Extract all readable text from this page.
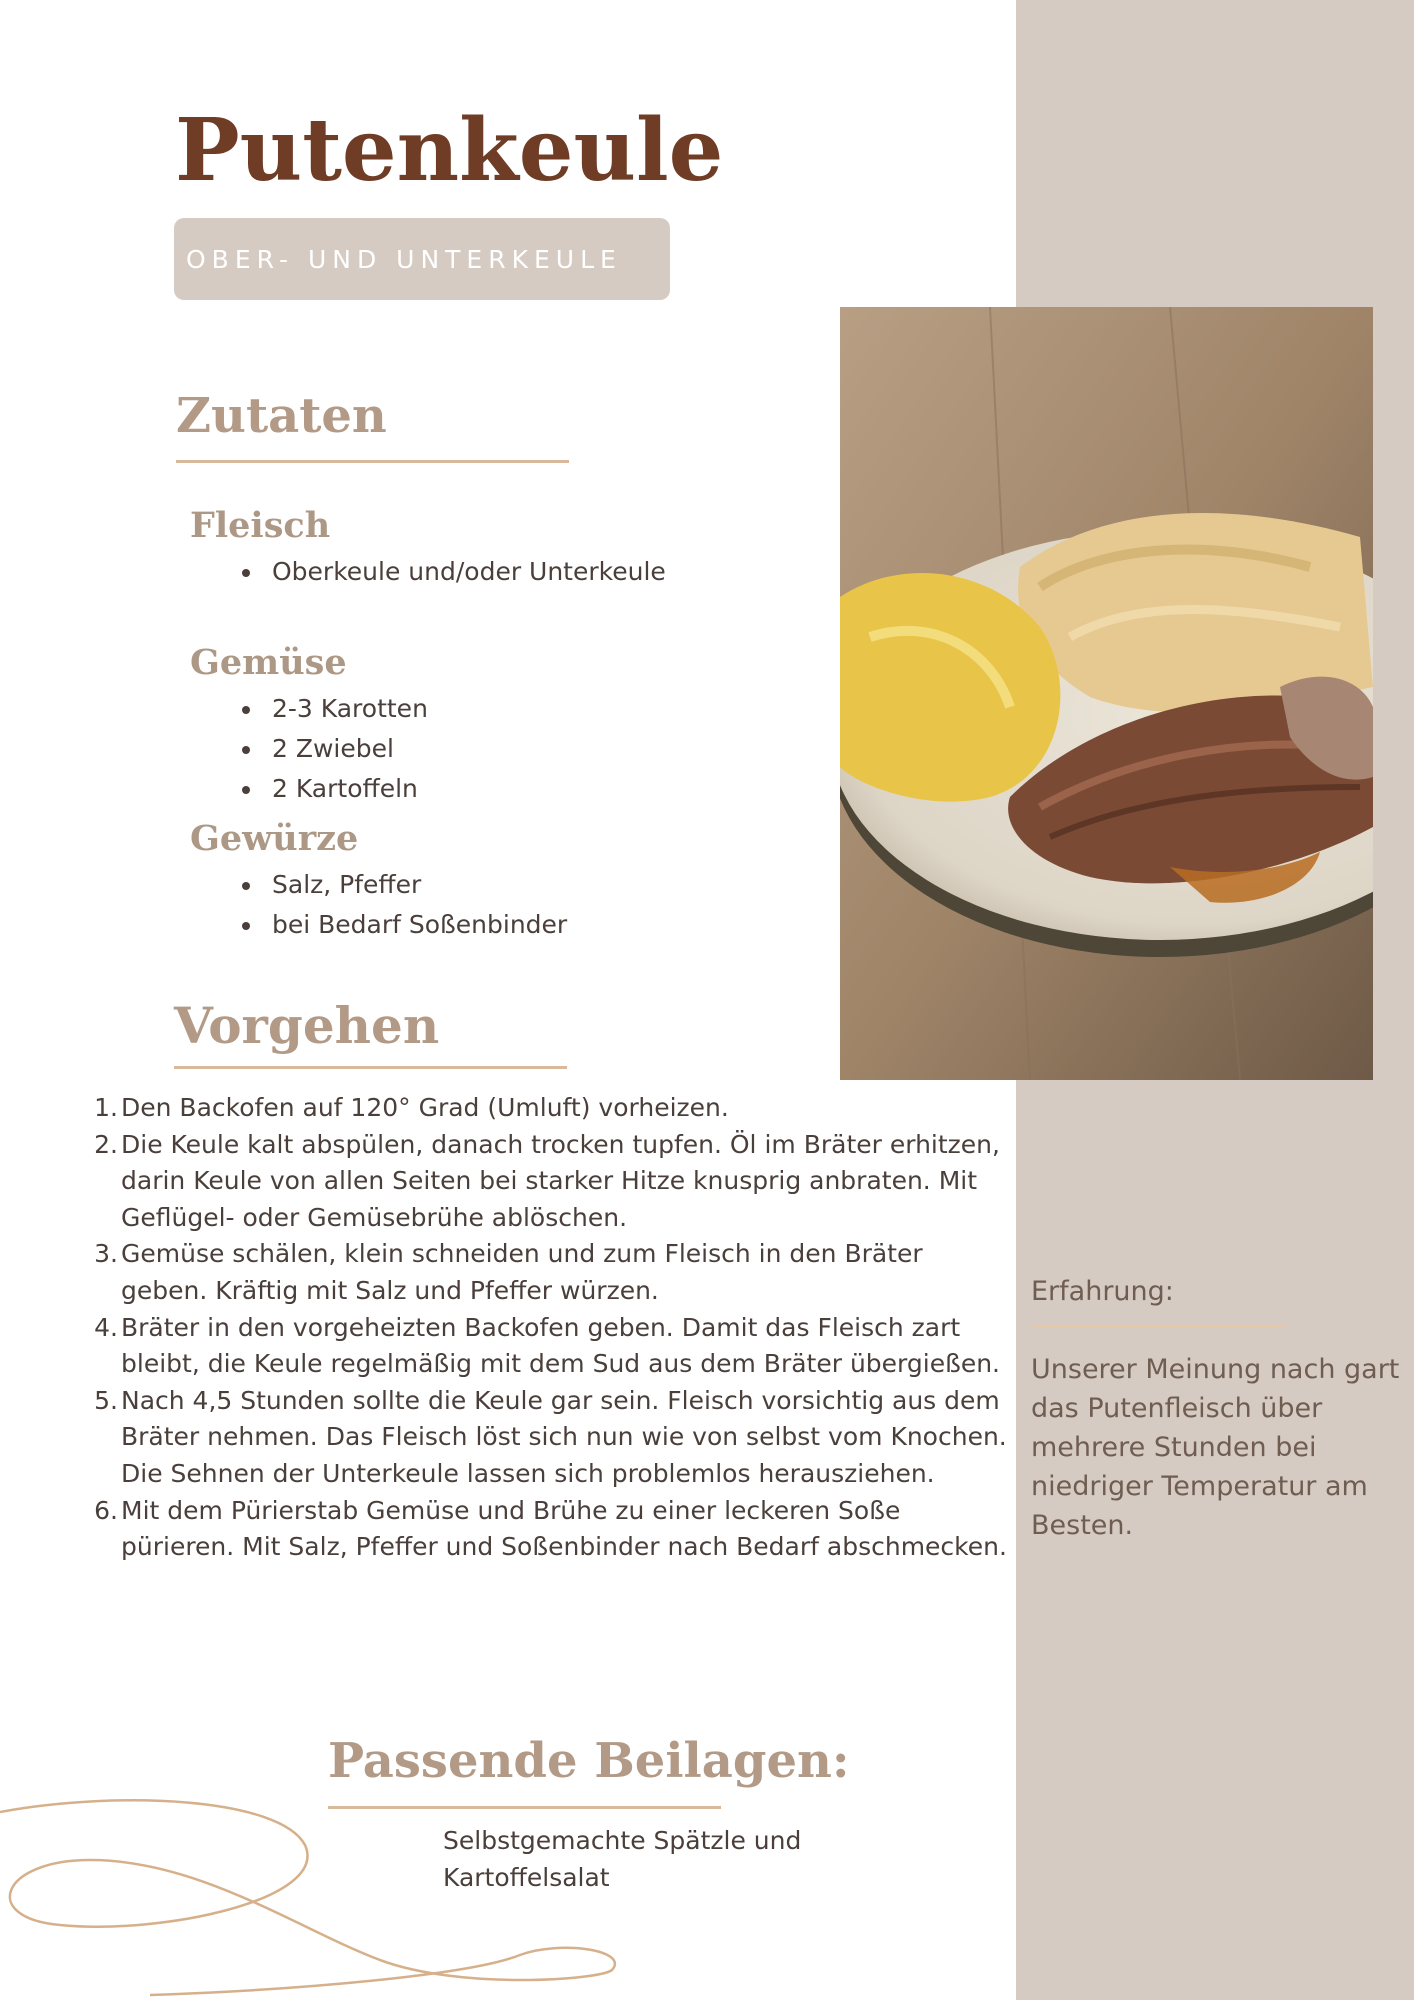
Putenkeule
OBER- UND UNTERKEULE
Zutaten
Fleisch
Oberkeule und/oder Unterkeule
Gemüse
2-3 Karotten
2 Zwiebel
2 Kartoffeln
Gewürze
Salz, Pfeffer
bei Bedarf Soßenbinder
Vorgehen
1. Den Backofen auf 120° Grad (Umluft) vorheizen.
2. Die Keule kalt abspülen, danach trocken tupfen. Öl im Bräter erhitzen, darin Keule von allen Seiten bei starker Hitze knusprig anbraten. Mit Geflügel- oder Gemüsebrühe ablöschen.
3. Gemüse schälen, klein schneiden und zum Fleisch in den Bräter geben. Kräftig mit Salz und Pfeffer würzen.
4. Bräter in den vorgeheizten Backofen geben. Damit das Fleisch zart bleibt, die Keule regelmäßig mit dem Sud aus dem Bräter übergießen.
5. Nach 4,5 Stunden sollte die Keule gar sein. Fleisch vorsichtig aus dem Bräter nehmen. Das Fleisch löst sich nun wie von selbst vom Knochen. Die Sehnen der Unterkeule lassen sich problemlos herausziehen.
6. Mit dem Pürierstab Gemüse und Brühe zu einer leckeren Soße pürieren. Mit Salz, Pfeffer und Soßenbinder nach Bedarf abschmecken.
Erfahrung:

Unserer Meinung nach gart das Putenfleisch über mehrere Stunden bei niedriger Temperatur am Besten.

Passende Beilagen:

Selbstgemachte Spätzle und Kartoffelsalat
